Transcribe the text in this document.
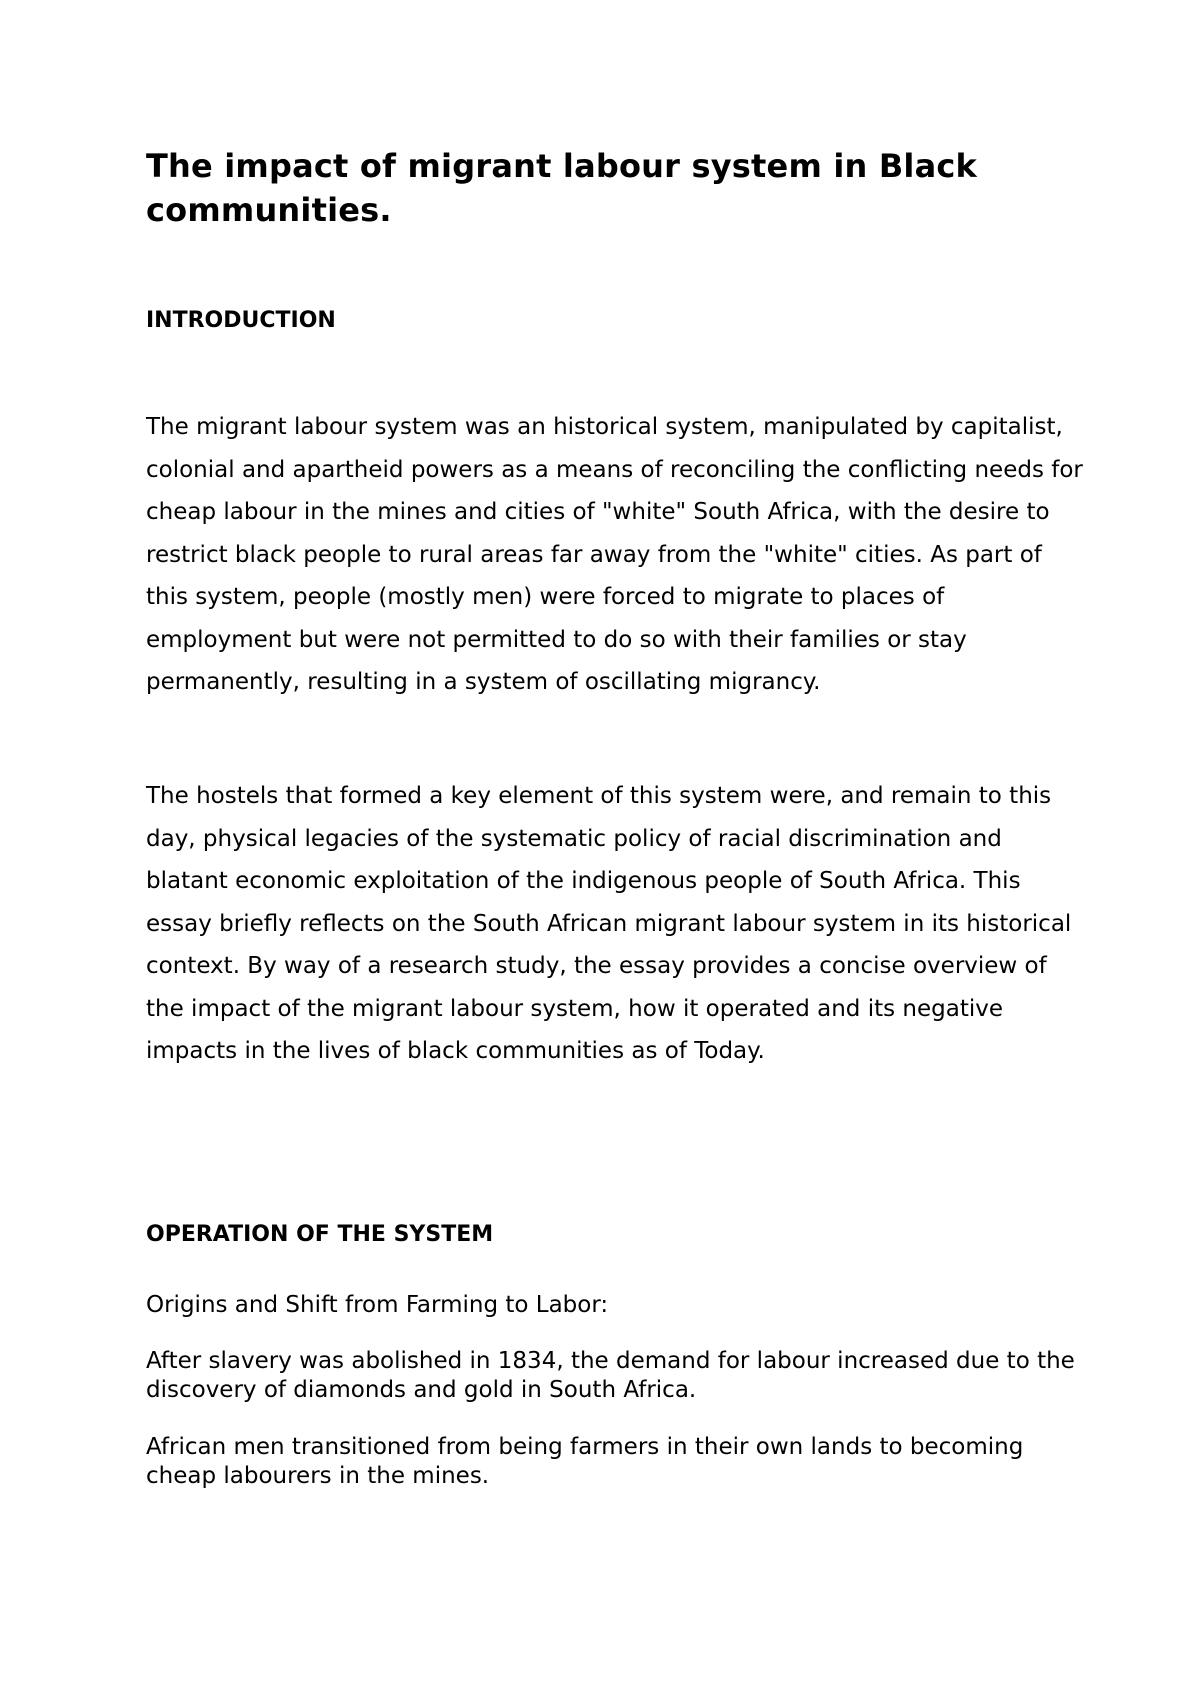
The impact of migrant labour system in Black communities.
INTRODUCTION

The migrant labour system was an historical system, manipulated by capitalist, colonial and apartheid powers as a means of reconciling the conflicting needs for cheap labour in the mines and cities of "white" South Africa, with the desire to restrict black people to rural areas far away from the "white" cities. As part of this system, people (mostly men) were forced to migrate to places of employment but were not permitted to do so with their families or stay permanently, resulting in a system of oscillating migrancy.

The hostels that formed a key element of this system were, and remain to this day, physical legacies of the systematic policy of racial discrimination and blatant economic exploitation of the indigenous people of South Africa. This essay briefly reflects on the South African migrant labour system in its historical context. By way of a research study, the essay provides a concise overview of the impact of the migrant labour system, how it operated and its negative impacts in the lives of black communities as of Today.

OPERATION OF THE SYSTEM

Origins and Shift from Farming to Labor:

After slavery was abolished in 1834, the demand for labour increased due to the discovery of diamonds and gold in South Africa.

African men transitioned from being farmers in their own lands to becoming cheap labourers in the mines.
